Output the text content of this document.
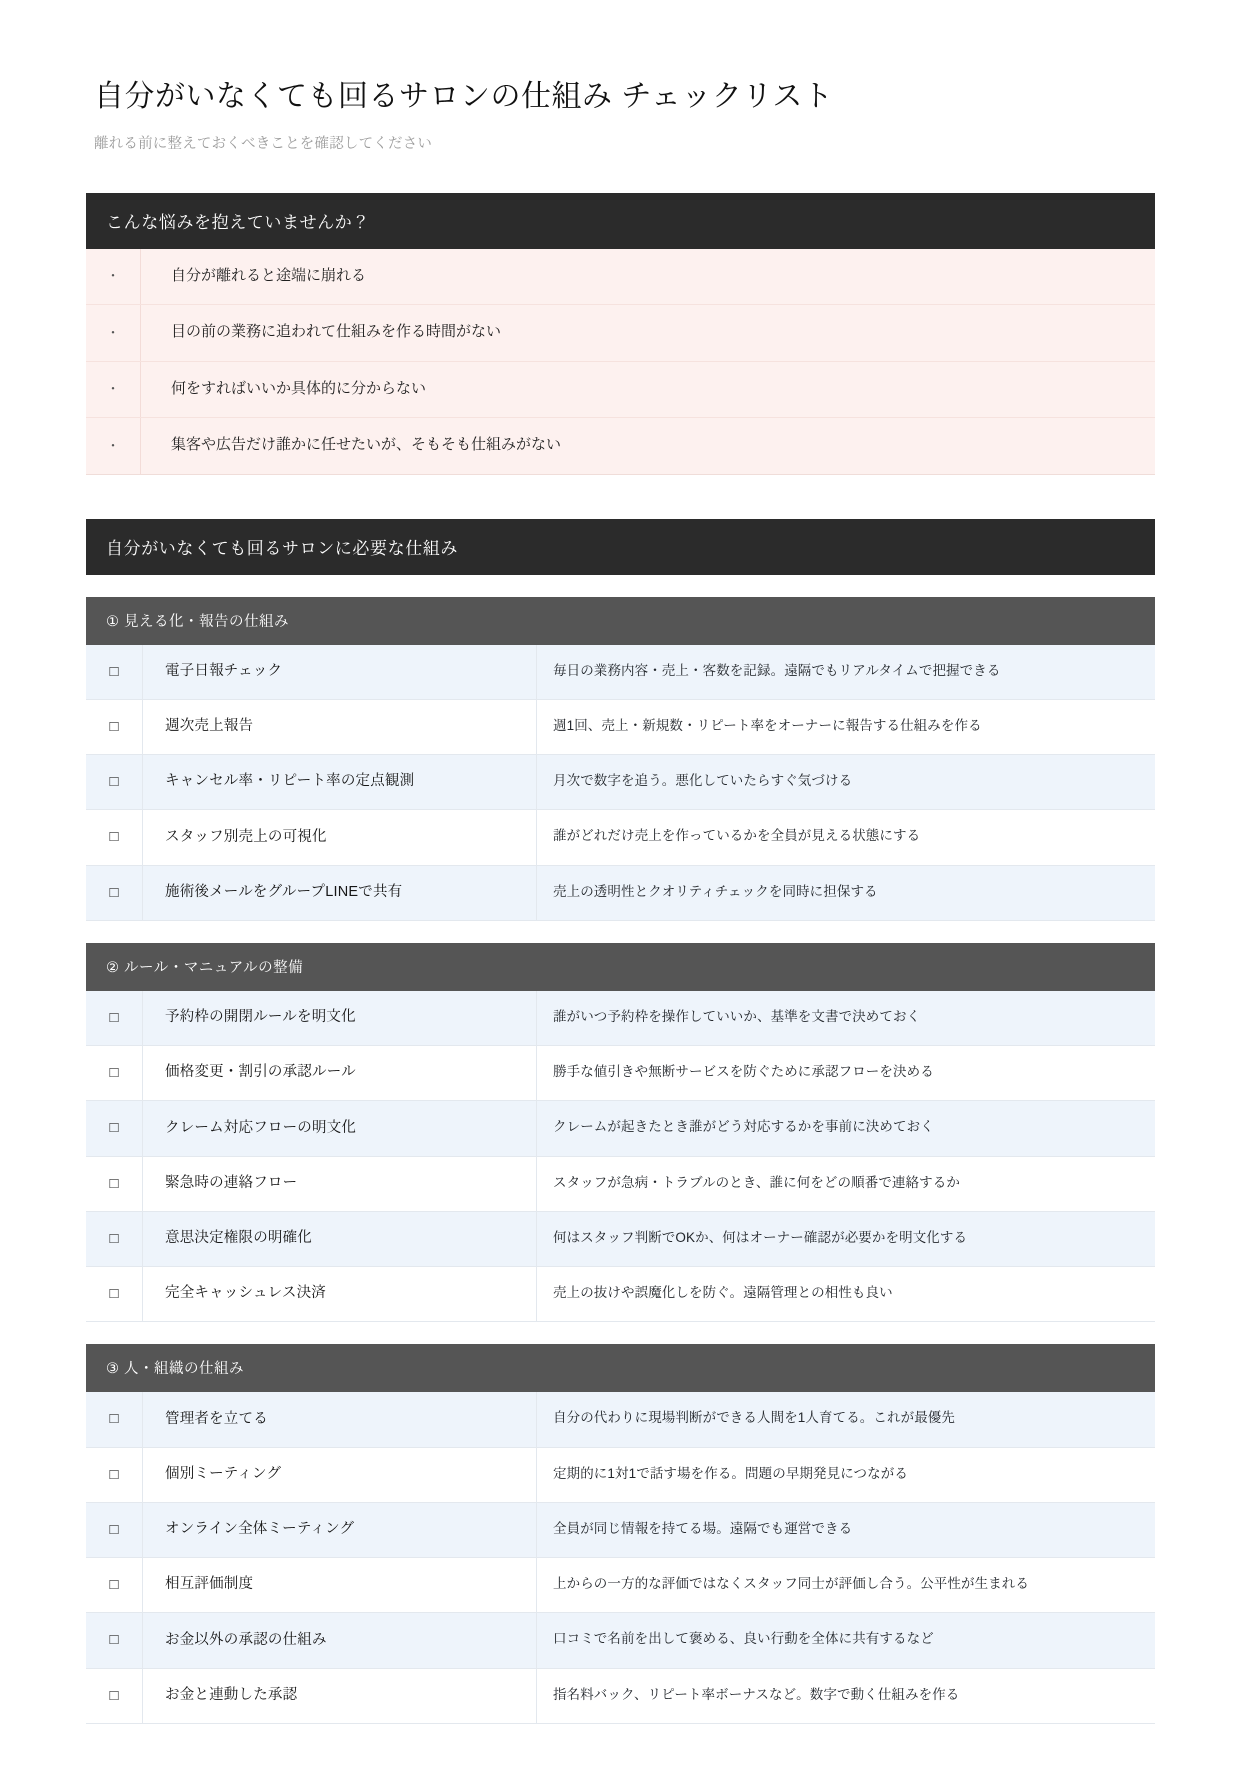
自分がいなくても回るサロンの仕組み チェックリスト

離れる前に整えておくべきことを確認してください

こんな悩みを抱えていませんか？
・	自分が離れると途端に崩れる
・	目の前の業務に追われて仕組みを作る時間がない
・	何をすればいいか具体的に分からない
・	集客や広告だけ誰かに任せたいが、そもそも仕組みがない
自分がいなくても回るサロンに必要な仕組み
① 見える化・報告の仕組み
□	電子日報チェック	毎日の業務内容・売上・客数を記録。遠隔でもリアルタイムで把握できる
□	週次売上報告	週1回、売上・新規数・リピート率をオーナーに報告する仕組みを作る
□	キャンセル率・リピート率の定点観測	月次で数字を追う。悪化していたらすぐ気づける
□	スタッフ別売上の可視化	誰がどれだけ売上を作っているかを全員が見える状態にする
□	施術後メールをグループLINEで共有	売上の透明性とクオリティチェックを同時に担保する
② ルール・マニュアルの整備
□	予約枠の開閉ルールを明文化	誰がいつ予約枠を操作していいか、基準を文書で決めておく
□	価格変更・割引の承認ルール	勝手な値引きや無断サービスを防ぐために承認フローを決める
□	クレーム対応フローの明文化	クレームが起きたとき誰がどう対応するかを事前に決めておく
□	緊急時の連絡フロー	スタッフが急病・トラブルのとき、誰に何をどの順番で連絡するか
□	意思決定権限の明確化	何はスタッフ判断でOKか、何はオーナー確認が必要かを明文化する
□	完全キャッシュレス決済	売上の抜けや誤魔化しを防ぐ。遠隔管理との相性も良い
③ 人・組織の仕組み
□	管理者を立てる	自分の代わりに現場判断ができる人間を1人育てる。これが最優先
□	個別ミーティング	定期的に1対1で話す場を作る。問題の早期発見につながる
□	オンライン全体ミーティング	全員が同じ情報を持てる場。遠隔でも運営できる
□	相互評価制度	上からの一方的な評価ではなくスタッフ同士が評価し合う。公平性が生まれる
□	お金以外の承認の仕組み	口コミで名前を出して褒める、良い行動を全体に共有するなど
□	お金と連動した承認	指名料バック、リピート率ボーナスなど。数字で動く仕組みを作る
